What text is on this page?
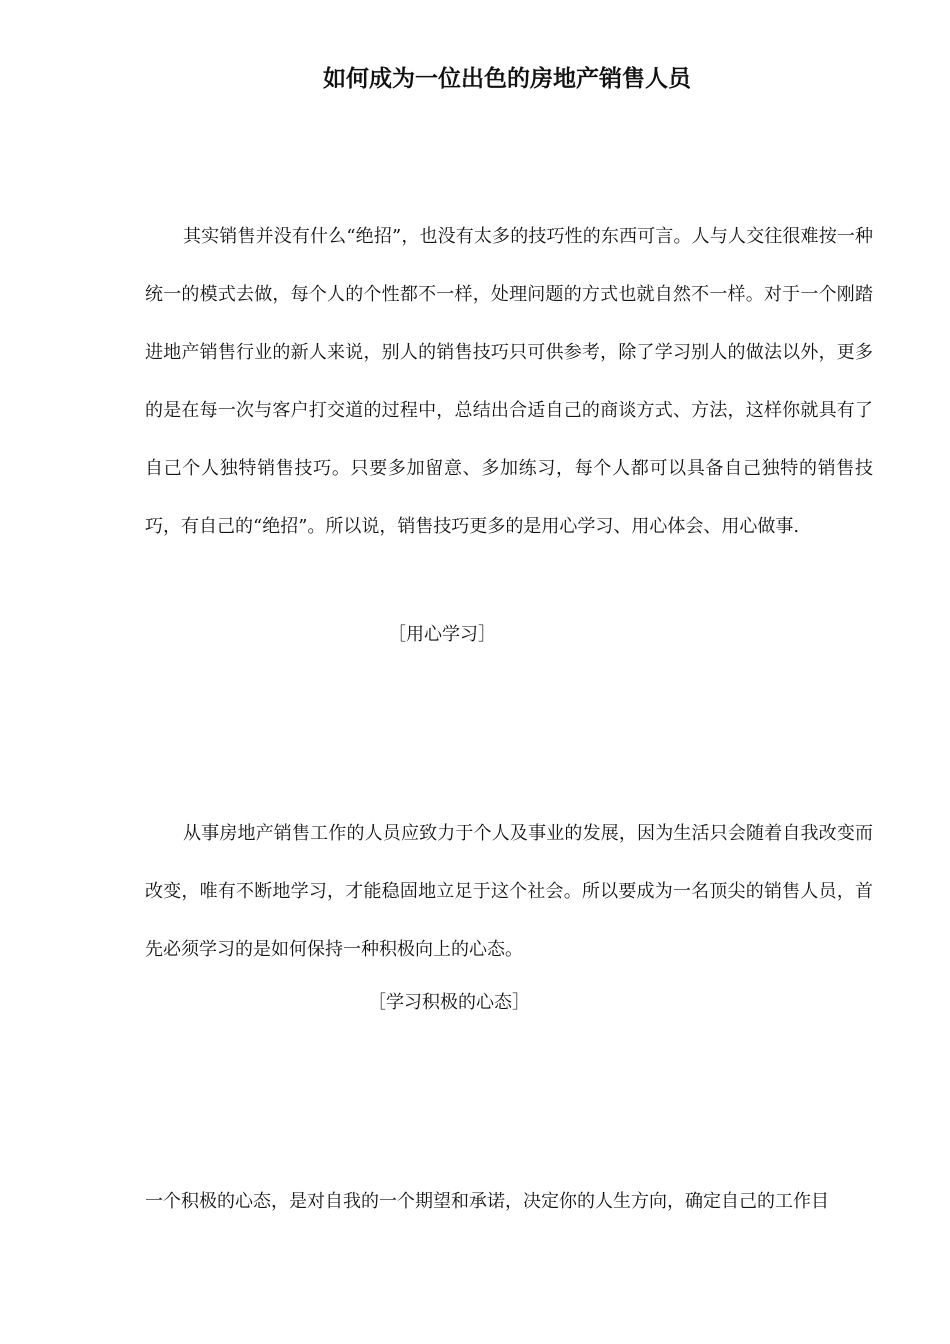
如何成为一位出色的房地产销售人员

其实销售并没有什么“绝招”，也没有太多的技巧性的东西可言。人与人交往很难按一种统一的模式去做，每个人的个性都不一样，处理问题的方式也就自然不一样。对于一个刚踏进地产销售行业的新人来说，别人的销售技巧只可供参考，除了学习别人的做法以外，更多的是在每一次与客户打交道的过程中，总结出合适自己的商谈方式、方法，这样你就具有了自己个人独特销售技巧。只要多加留意、多加练习，每个人都可以具备自己独特的销售技巧，有自己的“绝招”。所以说，销售技巧更多的是用心学习、用心体会、用心做事.

［用心学习］

从事房地产销售工作的人员应致力于个人及事业的发展，因为生活只会随着自我改变而改变，唯有不断地学习，才能稳固地立足于这个社会。所以要成为一名顶尖的销售人员，首先必须学习的是如何保持一种积极向上的心态。

［学习积极的心态］

一个积极的心态，是对自我的一个期望和承诺，决定你的人生方向，确定自己的工作目
